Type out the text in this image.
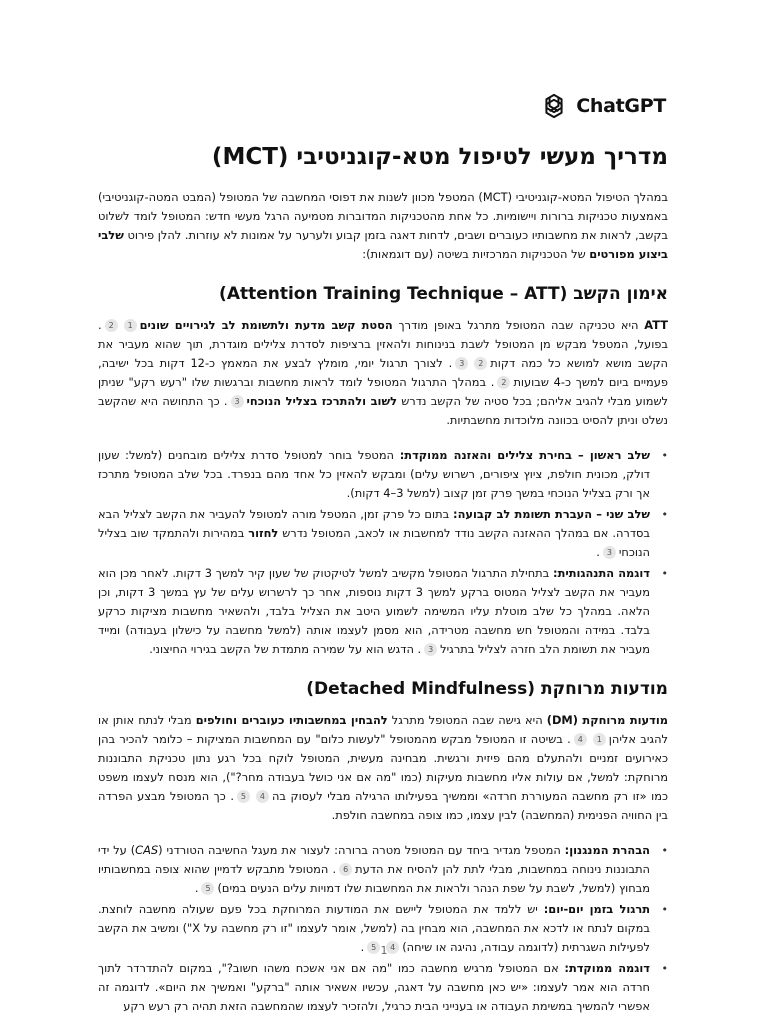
ChatGPT
מדריך מעשי לטיפול מטא-קוגניטיבי (MCT)

במהלך הטיפול המטא-קוגניטיבי (MCT) המטפל מכוון לשנות את דפוסי המחשבה של המטופל (המבט המטה-קוגניטיבי) באמצעות טכניקות ברורות ויישומיות. כל אחת מהטכניקות המדוברות מטמיעה הרגל מעשי חדש: המטופל לומד לשלוט בקשב, לראות את מחשבותיו כעוברים ושבים, לדחות דאגה בזמן קבוע ולערער על אמונות לא עוזרות. להלן פירוט שלבי ביצוע מפורטים של הטכניקות המרכזיות בשיטה (עם דוגמאות):

אימון הקשב (Attention Training Technique – ATT)

ATT היא טכניקה שבה המטופל מתרגל באופן מודרך הסטת קשב מדעת ולתשומת לב לגירויים שונים12. בפועל, המטפל מבקש מן המטופל לשבת בנינוחות ולהאזין ברציפות לסדרת צלילים מוגדרת, תוך שהוא מעביר את הקשב מושא למושא כל כמה דקות23. לצורך תרגול יומי, מומלץ לבצע את המאמץ כ-12 דקות בכל ישיבה, פעמיים ביום למשך כ-4 שבועות2. במהלך התרגול המטופל לומד לראות מחשבות וברגשות שלו "רעש רקע" שניתן לשמוע מבלי להגיב אליהם; בכל סטיה של הקשב נדרש לשוב ולהתרכז בצליל הנוכחי3. כך התחושה היא שהקשב נשלט וניתן להסיט בכוונה מלוכדות מחשבתיות.

• שלב ראשון – בחירת צלילים והאזנה ממוקדת: המטפל בוחר למטופל סדרת צלילים מובחנים (למשל: שעון דולק, מכונית חולפת, ציוץ ציפורים, רשרוש עלים) ומבקש להאזין כל אחד מהם בנפרד. בכל שלב המטופל מתרכז אך ורק בצליל הנוכחי במשך פרק זמן קצוב (למשל 3–4 דקות).
• שלב שני – העברת תשומת לב קבועה: בתום כל פרק זמן, המטפל מורה למטופל להעביר את הקשב לצליל הבא בסדרה. אם במהלך ההאזנה הקשב נודד למחשבות או לכאב, המטופל נדרש לחזור במהירות ולהתמקד שוב בצליל הנוכחי3.
• דוגמה התנהגותית: בתחילת התרגול המטופל מקשיב למשל לטיקטוק של שעון קיר למשך 3 דקות. לאחר מכן הוא מעביר את הקשב לצליל המטוס ברקע למשך 3 דקות נוספות, אחר כך לרשרוש עלים של עץ במשך 3 דקות, וכן הלאה. במהלך כל שלב מוטלת עליו המשימה לשמוע היטב את הצליל בלבד, ולהשאיר מחשבות מציקות כרקע בלבד. במידה והמטופל חש מחשבה מטרידה, הוא מסמן לעצמו אותה (למשל מחשבה על כישלון בעבודה) ומייד מעביר את תשומת הלב חזרה לצליל בתרגיל3. הדגש הוא על שמירה מתמדת של הקשב בגירוי החיצוני.
מודעות מרוחקת (Detached Mindfulness)

מודעות מרוחקת (DM) היא גישה שבה המטופל מתרגל להבחין במחשבותיו כעוברים וחולפים מבלי לנתח אותן או להגיב אליהן14. בשיטה זו המטופל מבקש מהמטופל "לעשות כלום" עם המחשבות המציקות – כלומר להכיר בהן כאירועים זמניים ולהתעלם מהם פיזית ורגשית. מבחינה מעשית, המטופל לוקח בכל רגע נתון טכניקת התבוננות מרוחקת: למשל, אם עולות אליו מחשבות מעיקות (כמו "מה אם אני כושל בעבודה מחר?"), הוא מנסח לעצמו משפט כמו «זו רק מחשבה המעוררת חרדה» וממשיך בפעילותו הרגילה מבלי לעסוק בה45. כך המטופל מבצע הפרדה בין החוויה הפנימית (המחשבה) לבין עצמו, כמו צופה במחשבה חולפת.

• הבהרת המנגנון: המטפל מגדיר ביחד עם המטופל מטרה ברורה: לעצור את מעגל החשיבה הטורדני (CAS) על ידי התבוננות נינוחה במחשבות, מבלי לתת להן להסיח את הדעת6. המטופל מתבקש לדמיין שהוא צופה במחשבותיו מבחוץ (למשל, לשבת על שפת הנהר ולראות את המחשבות שלו דמויות עלים הנעים במים)5.
• תרגול בזמן יום-יום: יש ללמד את המטופל ליישם את המודעות המרוחקת בכל פעם שעולה מחשבה לוחצת. במקום לנתח או לדכא את המחשבה, הוא מבחין בה (למשל, אומר לעצמו "זו רק מחשבה על X") ומשיב את הקשב לפעילות השגרתית (לדוגמה עבודה, נהיגה או שיחה)45.
• דוגמה ממוקדת: אם המטופל מרגיש מחשבה כמו "מה אם אני אשכח משהו חשוב?", במקום להתדרדר לתוך חרדה הוא אמר לעצמו: «יש כאן מחשבה על דאגה, עכשיו אשאיר אותה "ברקע" ואמשיך את היום». לדוגמה זה אפשרי להמשיך במשימת העבודה או בענייני הבית כרגיל, ולהזכיר לעצמו שהמחשבה הזאת תהיה רק רעש רקע
1
